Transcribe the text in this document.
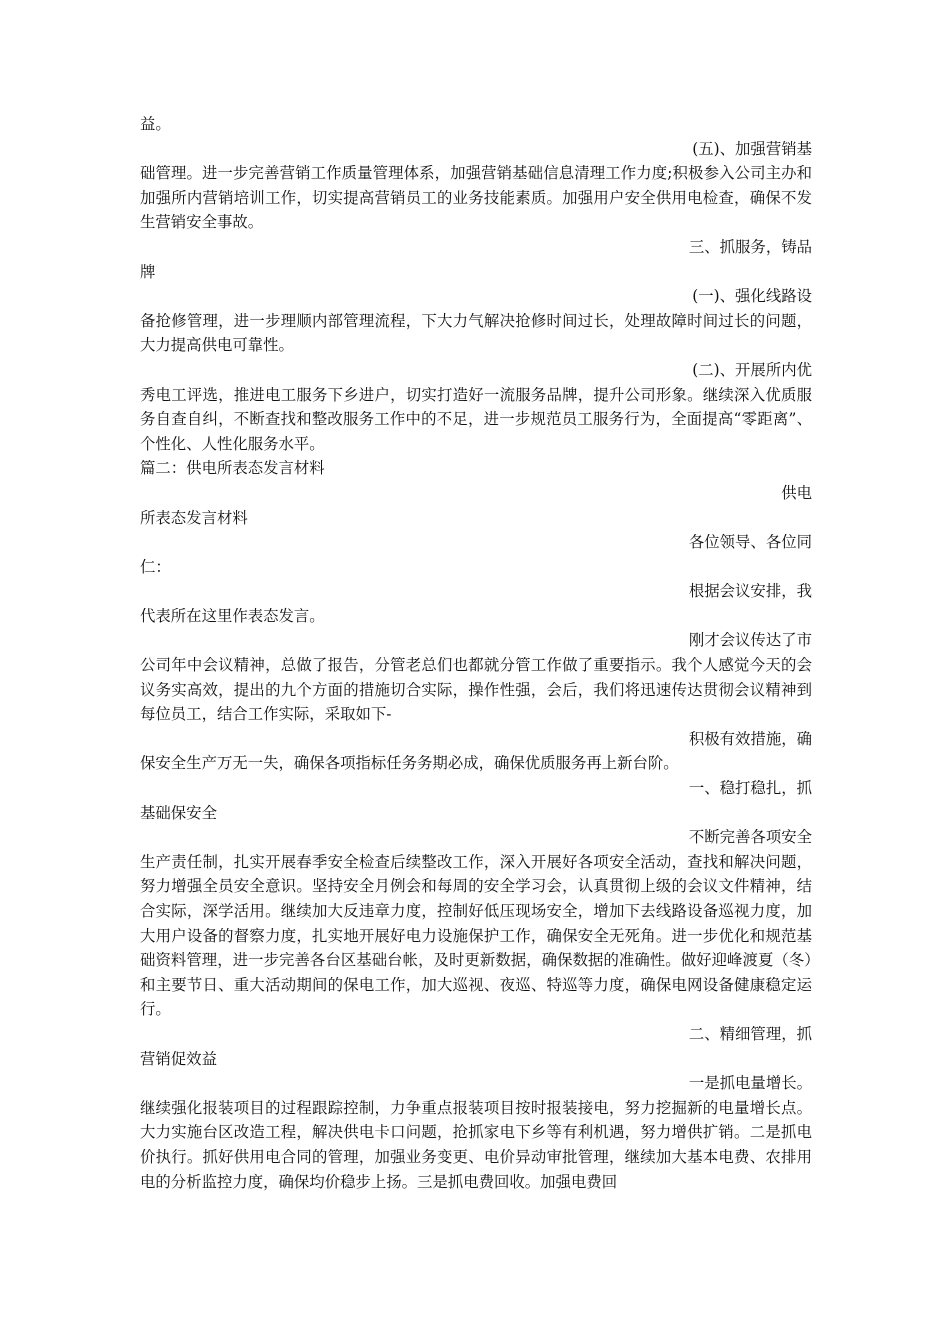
益。

(五)、加强营销基

础管理。进一步完善营销工作质量管理体系，加强营销基础信息清理工作力度;积极参入公司主办和加强所内营销培训工作，切实提高营销员工的业务技能素质。加强用户安全供用电检查，确保不发生营销安全事故。

三、抓服务，铸品

牌

(一)、强化线路设

备抢修管理，进一步理顺内部管理流程，下大力气解决抢修时间过长，处理故障时间过长的问题，大力提高供电可靠性。

(二)、开展所内优

秀电工评选，推进电工服务下乡进户，切实打造好一流服务品牌，提升公司形象。继续深入优质服务自查自纠，不断查找和整改服务工作中的不足，进一步规范员工服务行为，全面提高“零距离”、个性化、人性化服务水平。

篇二：供电所表态发言材料

供电

所表态发言材料

各位领导、各位同

仁：

根据会议安排，我

代表所在这里作表态发言。

刚才会议传达了市

公司年中会议精神，总做了报告，分管老总们也都就分管工作做了重要指示。我个人感觉今天的会议务实高效，提出的九个方面的措施切合实际，操作性强，会后，我们将迅速传达贯彻会议精神到每位员工，结合工作实际，采取如下-

积极有效措施，确

保安全生产万无一失，确保各项指标任务务期必成，确保优质服务再上新台阶。

一、稳打稳扎，抓

基础保安全

不断完善各项安全

生产责任制，扎实开展春季安全检查后续整改工作，深入开展好各项安全活动，查找和解决问题，努力增强全员安全意识。坚持安全月例会和每周的安全学习会，认真贯彻上级的会议文件精神，结合实际，深学活用。继续加大反违章力度，控制好低压现场安全，增加下去线路设备巡视力度，加大用户设备的督察力度，扎实地开展好电力设施保护工作，确保安全无死角。进一步优化和规范基础资料管理，进一步完善各台区基础台帐，及时更新数据，确保数据的准确性。做好迎峰渡夏（冬）和主要节日、重大活动期间的保电工作，加大巡视、夜巡、特巡等力度，确保电网设备健康稳定运行。

二、精细管理，抓

营销促效益

一是抓电量增长。

继续强化报装项目的过程跟踪控制，力争重点报装项目按时报装接电，努力挖掘新的电量增长点。大力实施台区改造工程，解决供电卡口问题，抢抓家电下乡等有利机遇，努力增供扩销。二是抓电价执行。抓好供用电合同的管理，加强业务变更、电价异动审批管理，继续加大基本电费、农排用电的分析监控力度，确保均价稳步上扬。三是抓电费回收。加强电费回
